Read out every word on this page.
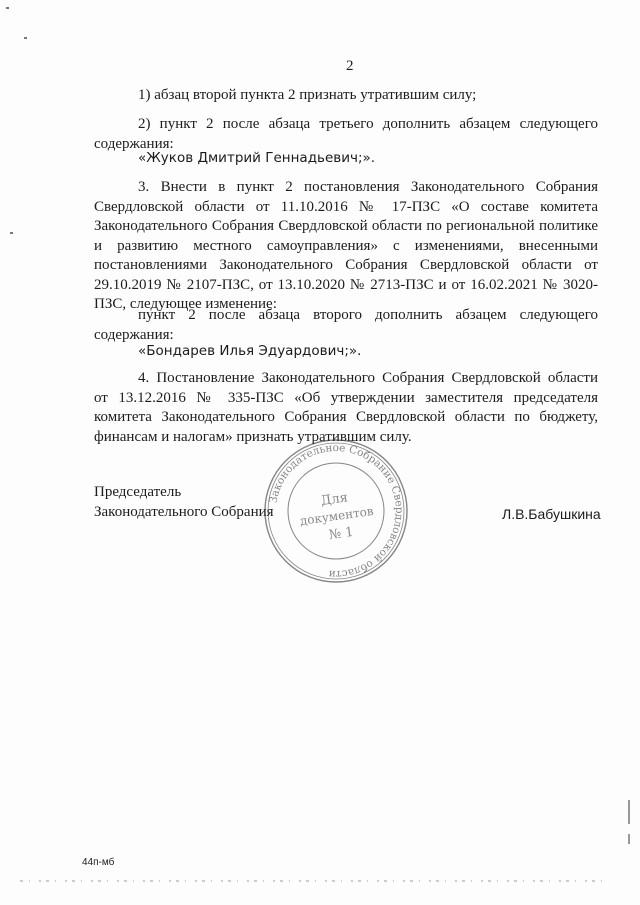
2

1) абзац второй пункта 2 признать утратившим силу;

2) пункт 2 после абзаца третьего дополнить абзацем следующего содержания:

«Жуков Дмитрий Геннадьевич;».

3. Внести в пункт 2 постановления Законодательного Собрания Свердловской области от 11.10.2016 № 17-ПЗС «О составе комитета Законодательного Собрания Свердловской области по региональной политике и развитию местного самоуправления» с изменениями, внесенными постановлениями Законодательного Собрания Свердловской области от 29.10.2019 № 2107-ПЗС, от 13.10.2020 № 2713-ПЗС и от 16.02.2021 № 3020-ПЗС, следующее изменение:

пункт 2 после абзаца второго дополнить абзацем следующего содержания:

«Бондарев Илья Эдуардович;».

4. Постановление Законодательного Собрания Свердловской области от 13.12.2016 № 335-ПЗС «Об утверждении заместителя председателя комитета Законодательного Собрания Свердловской области по бюджету, финансам и налогам» признать утратившим силу.

Председатель
Законодательного Собрания	Л.В.Бабушкина
Законодательное Собрание Свердловской области
Для
документов
№ 1
44п-мб
